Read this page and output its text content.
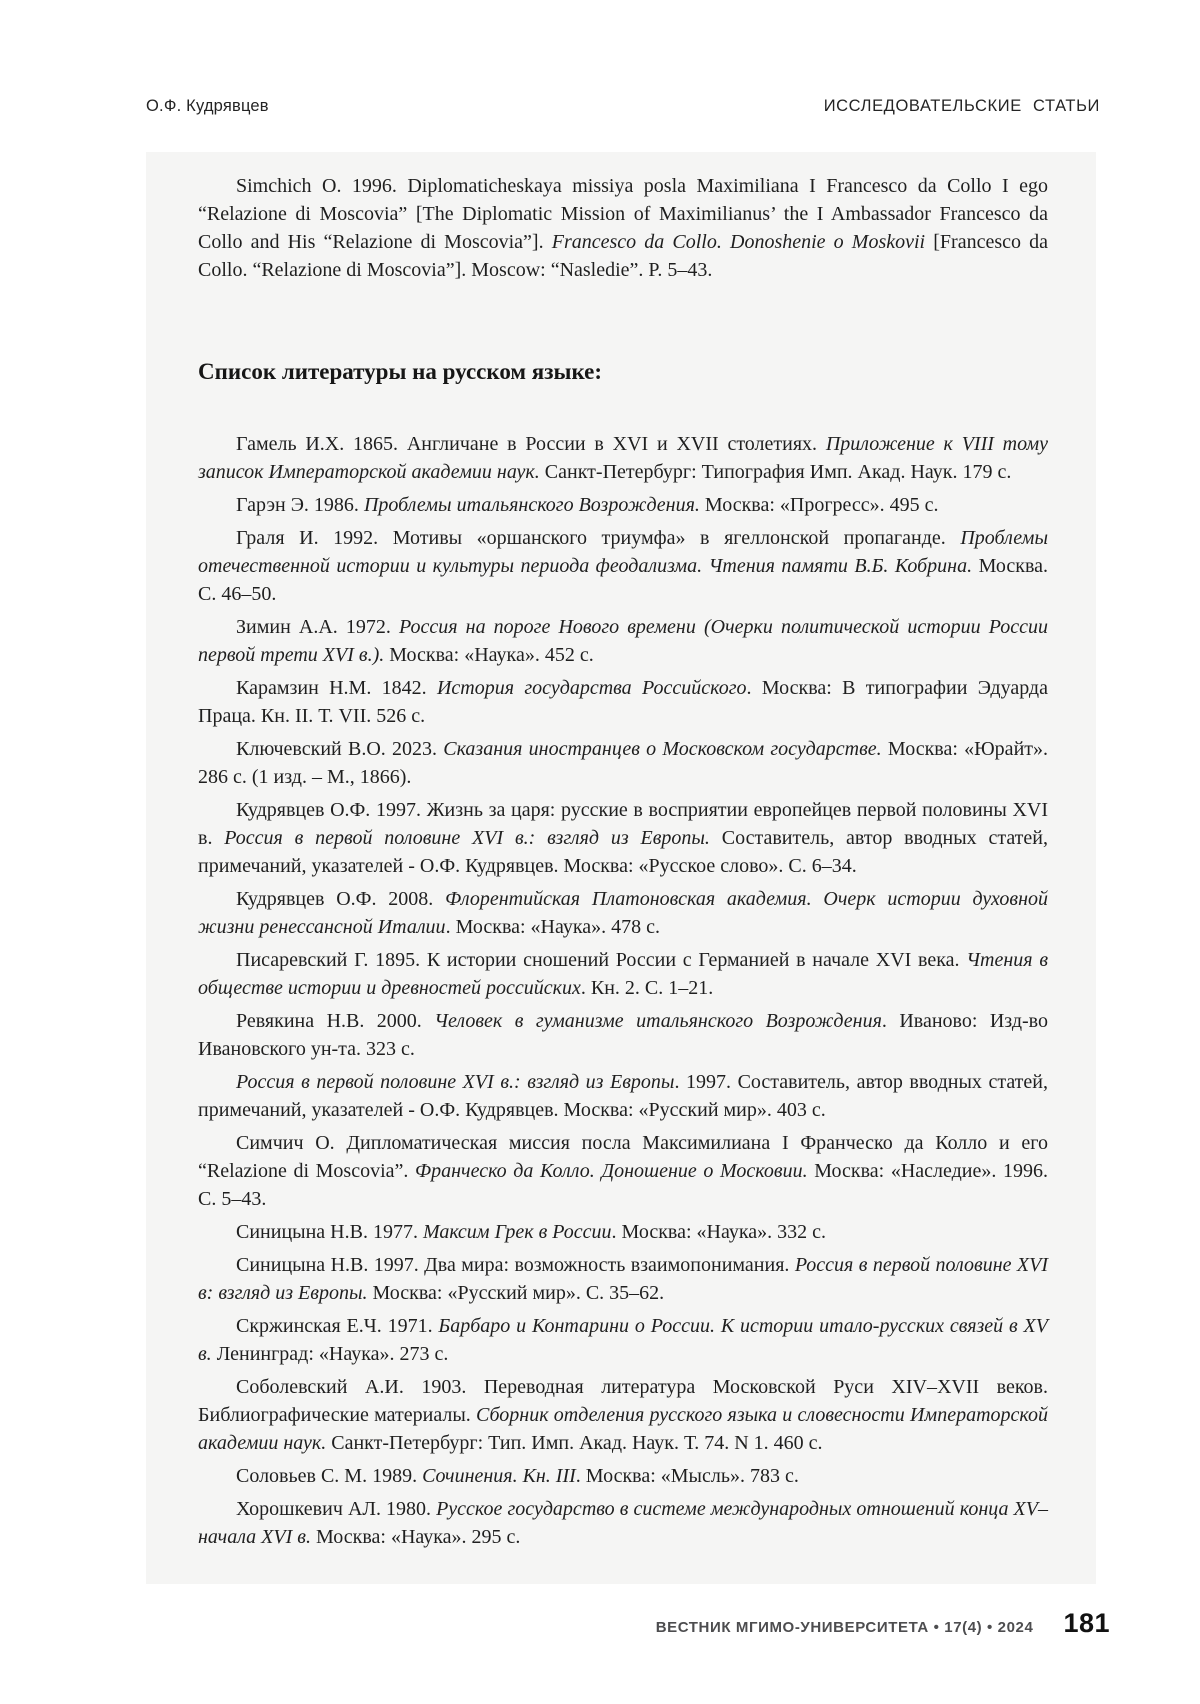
О.Ф. Кудрявцев	ИССЛЕДОВАТЕЛЬСКИЕ СТАТЬИ

Simchich O. 1996. Diplomaticheskaya missiya posla Maximiliana I Francesco da Collo I ego “Relazione di Moscovia” [The Diplomatic Mission of Maximilianus’ the I Ambassador Francesco da Collo and His “Relazione di Moscovia”]. Francesco da Collo. Donoshenie o Moskovii [Francesco da Collo. “Relazione di Moscovia”]. Moscow: “Nasledie”. P. 5–43.

Список литературы на русском языке:

Гамель И.Х. 1865. Англичане в России в XVI и XVII столетиях. Приложение к VIII тому записок Императорской академии наук. Санкт-Петербург: Типография Имп. Акад. Наук. 179 с.

Гарэн Э. 1986. Проблемы итальянского Возрождения. Москва: «Прогресс». 495 с.

Граля И. 1992. Мотивы «оршанского триумфа» в ягеллонской пропаганде. Проблемы отечественной истории и культуры периода феодализма. Чтения памяти В.Б. Кобрина. Москва. С. 46–50.

Зимин А.А. 1972. Россия на пороге Нового времени (Очерки политической истории России первой трети XVI в.). Москва: «Наука». 452 с.

Карамзин Н.М. 1842. История государства Российского. Москва: В типографии Эдуарда Праца. Кн. II. Т. VII. 526 с.

Ключевский В.О. 2023. Сказания иностранцев о Московском государстве. Москва: «Юрайт». 286 с. (1 изд. – М., 1866).

Кудрявцев О.Ф. 1997. Жизнь за царя: русские в восприятии европейцев первой половины XVI в. Россия в первой половине XVI в.: взгляд из Европы. Составитель, автор вводных статей, примечаний, указателей - О.Ф. Кудрявцев. Москва: «Русское слово». С. 6–34.

Кудрявцев О.Ф. 2008. Флорентийская Платоновская академия. Очерк истории духовной жизни ренессансной Италии. Москва: «Наука». 478 с.

Писаревский Г. 1895. К истории сношений России с Германией в начале XVI века. Чтения в обществе истории и древностей российских. Кн. 2. С. 1–21.

Ревякина Н.В. 2000. Человек в гуманизме итальянского Возрождения. Иваново: Изд-во Ивановского ун-та. 323 с.

Россия в первой половине XVI в.: взгляд из Европы. 1997. Составитель, автор вводных статей, примечаний, указателей - О.Ф. Кудрявцев. Москва: «Русский мир». 403 с.

Симчич О. Дипломатическая миссия посла Максимилиана I Франческо да Колло и его “Relazione di Moscovia”. Франческо да Колло. Доношение о Московии. Москва: «Наследие». 1996. С. 5–43.

Синицына Н.В. 1977. Максим Грек в России. Москва: «Наука». 332 с.

Синицына Н.В. 1997. Два мира: возможность взаимопонимания. Россия в первой половине XVI в: взгляд из Европы. Москва: «Русский мир». С. 35–62.

Скржинская Е.Ч. 1971. Барбаро и Контарини о России. К истории итало-русских связей в XV в. Ленинград: «Наука». 273 с.

Соболевский А.И. 1903. Переводная литература Московской Руси XIV–XVII веков. Библиографические материалы. Сборник отделения русского языка и словесности Императорской академии наук. Санкт-Петербург: Тип. Имп. Акад. Наук. Т. 74. N 1. 460 с.

Соловьев С. М. 1989. Сочинения. Кн. III. Москва: «Мысль». 783 с.

Хорошкевич АЛ. 1980. Русское государство в системе международных отношений конца XV– начала XVI в. Москва: «Наука». 295 с.

ВЕСТНИК МГИМО-УНИВЕРСИТЕТА • 17(4) • 2024 181
